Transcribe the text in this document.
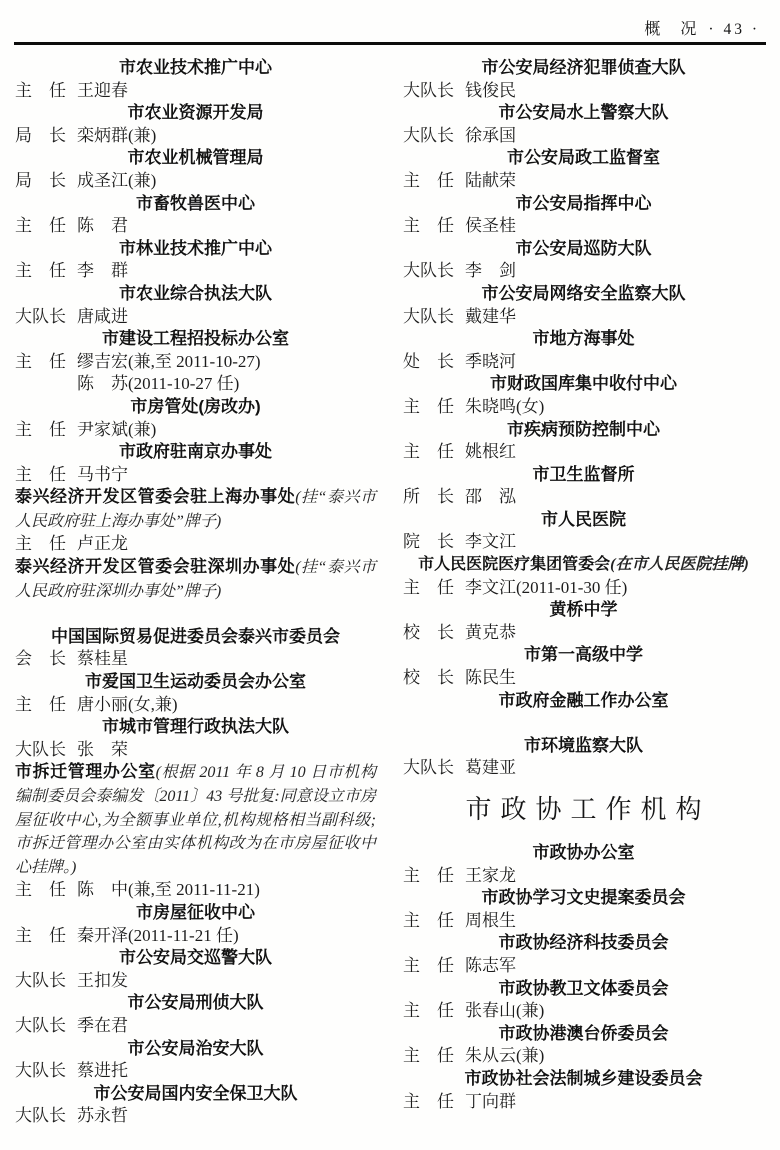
概　况 · 43 ·
市农业技术推广中心
主　任 王迎春
市农业资源开发局
局　长 栾炳群(兼)
市农业机械管理局
局　长 成圣江(兼)
市畜牧兽医中心
主　任 陈　君
市林业技术推广中心
主　任 李　群
市农业综合执法大队
大队长 唐咸进
市建设工程招投标办公室
主　任 缪吉宏(兼,至 2011-10-27)
陈　苏(2011-10-27 任)
市房管处(房改办)
主　任 尹家斌(兼)
市政府驻南京办事处
主　任 马书宁
泰兴经济开发区管委会驻上海办事处(挂“泰兴市人民政府驻上海办事处”牌子)
主　任 卢正龙
泰兴经济开发区管委会驻深圳办事处(挂“泰兴市人民政府驻深圳办事处”牌子)
中国国际贸易促进委员会泰兴市委员会
会　长 蔡桂星
市爱国卫生运动委员会办公室
主　任 唐小丽(女,兼)
市城市管理行政执法大队
大队长 张　荣
市拆迁管理办公室(根据 2011 年 8 月 10 日市机构编制委员会泰编发〔2011〕43 号批复:同意设立市房屋征收中心,为全额事业单位,机构规格相当副科级;市拆迁管理办公室由实体机构改为在市房屋征收中心挂牌。)
主　任 陈　中(兼,至 2011-11-21)
市房屋征收中心
主　任 秦开泽(2011-11-21 任)
市公安局交巡警大队
大队长 王扣发
市公安局刑侦大队
大队长 季在君
市公安局治安大队
大队长 蔡进托
市公安局国内安全保卫大队
大队长 苏永哲
市公安局经济犯罪侦查大队
大队长 钱俊民
市公安局水上警察大队
大队长 徐承国
市公安局政工监督室
主　任 陆献荣
市公安局指挥中心
主　任 侯圣桂
市公安局巡防大队
大队长 李　剑
市公安局网络安全监察大队
大队长 戴建华
市地方海事处
处　长 季晓河
市财政国库集中收付中心
主　任 朱晓鸣(女)
市疾病预防控制中心
主　任 姚根红
市卫生监督所
所　长 邵　泓
市人民医院
院　长 李文江
市人民医院医疗集团管委会(在市人民医院挂牌)
主　任 李文江(2011-01-30 任)
黄桥中学
校　长 黄克恭
市第一高级中学
校　长 陈民生
市政府金融工作办公室
市环境监察大队
大队长 葛建亚
市政协工作机构
市政协办公室
主　任 王家龙
市政协学习文史提案委员会
主　任 周根生
市政协经济科技委员会
主　任 陈志军
市政协教卫文体委员会
主　任 张春山(兼)
市政协港澳台侨委员会
主　任 朱从云(兼)
市政协社会法制城乡建设委员会
主　任 丁向群
